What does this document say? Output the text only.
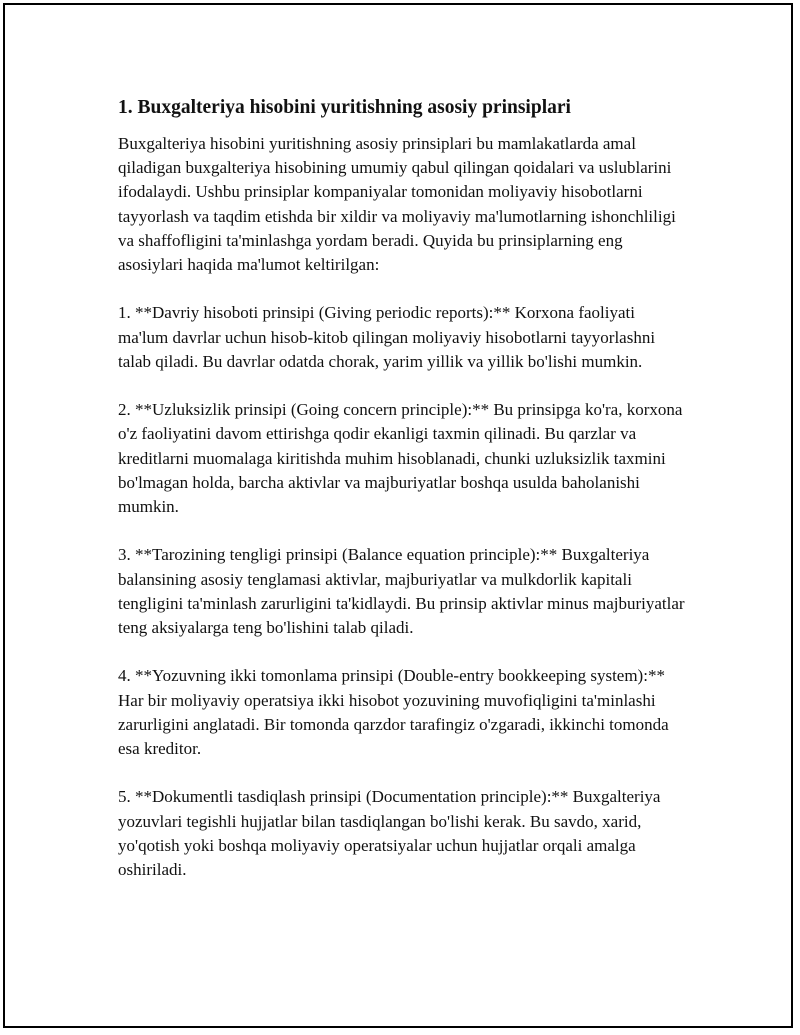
1. Buxgalteriya hisobini yuritishning asosiy prinsiplari

Buxgalteriya hisobini yuritishning asosiy prinsiplari bu mamlakatlarda amal qiladigan buxgalteriya hisobining umumiy qabul qilingan qoidalari va uslublarini ifodalaydi. Ushbu prinsiplar kompaniyalar tomonidan moliyaviy hisobotlarni tayyorlash va taqdim etishda bir xildir va moliyaviy ma'lumotlarning ishonchliligi va shaffofligini ta'minlashga yordam beradi. Quyida bu prinsiplarning eng asosiylari haqida ma'lumot keltirilgan:

1. **Davriy hisoboti prinsipi (Giving periodic reports):** Korxona faoliyati ma'lum davrlar uchun hisob-kitob qilingan moliyaviy hisobotlarni tayyorlashni talab qiladi. Bu davrlar odatda chorak, yarim yillik va yillik bo'lishi mumkin.

2. **Uzluksizlik prinsipi (Going concern principle):** Bu prinsipga ko'ra, korxona o'z faoliyatini davom ettirishga qodir ekanligi taxmin qilinadi. Bu qarzlar va kreditlarni muomalaga kiritishda muhim hisoblanadi, chunki uzluksizlik taxmini bo'lmagan holda, barcha aktivlar va majburiyatlar boshqa usulda baholanishi mumkin.

3. **Tarozining tengligi prinsipi (Balance equation principle):** Buxgalteriya balansining asosiy tenglamasi aktivlar, majburiyatlar va mulkdorlik kapitali tengligini ta'minlash zarurligini ta'kidlaydi. Bu prinsip aktivlar minus majburiyatlar teng aksiyalarga teng bo'lishini talab qiladi.

4. **Yozuvning ikki tomonlama prinsipi (Double-entry bookkeeping system):** Har bir moliyaviy operatsiya ikki hisobot yozuvining muvofiqligini ta'minlashi zarurligini anglatadi. Bir tomonda qarzdor tarafingiz o'zgaradi, ikkinchi tomonda esa kreditor.

5. **Dokumentli tasdiqlash prinsipi (Documentation principle):** Buxgalteriya yozuvlari tegishli hujjatlar bilan tasdiqlangan bo'lishi kerak. Bu savdo, xarid, yo'qotish yoki boshqa moliyaviy operatsiyalar uchun hujjatlar orqali amalga oshiriladi.
